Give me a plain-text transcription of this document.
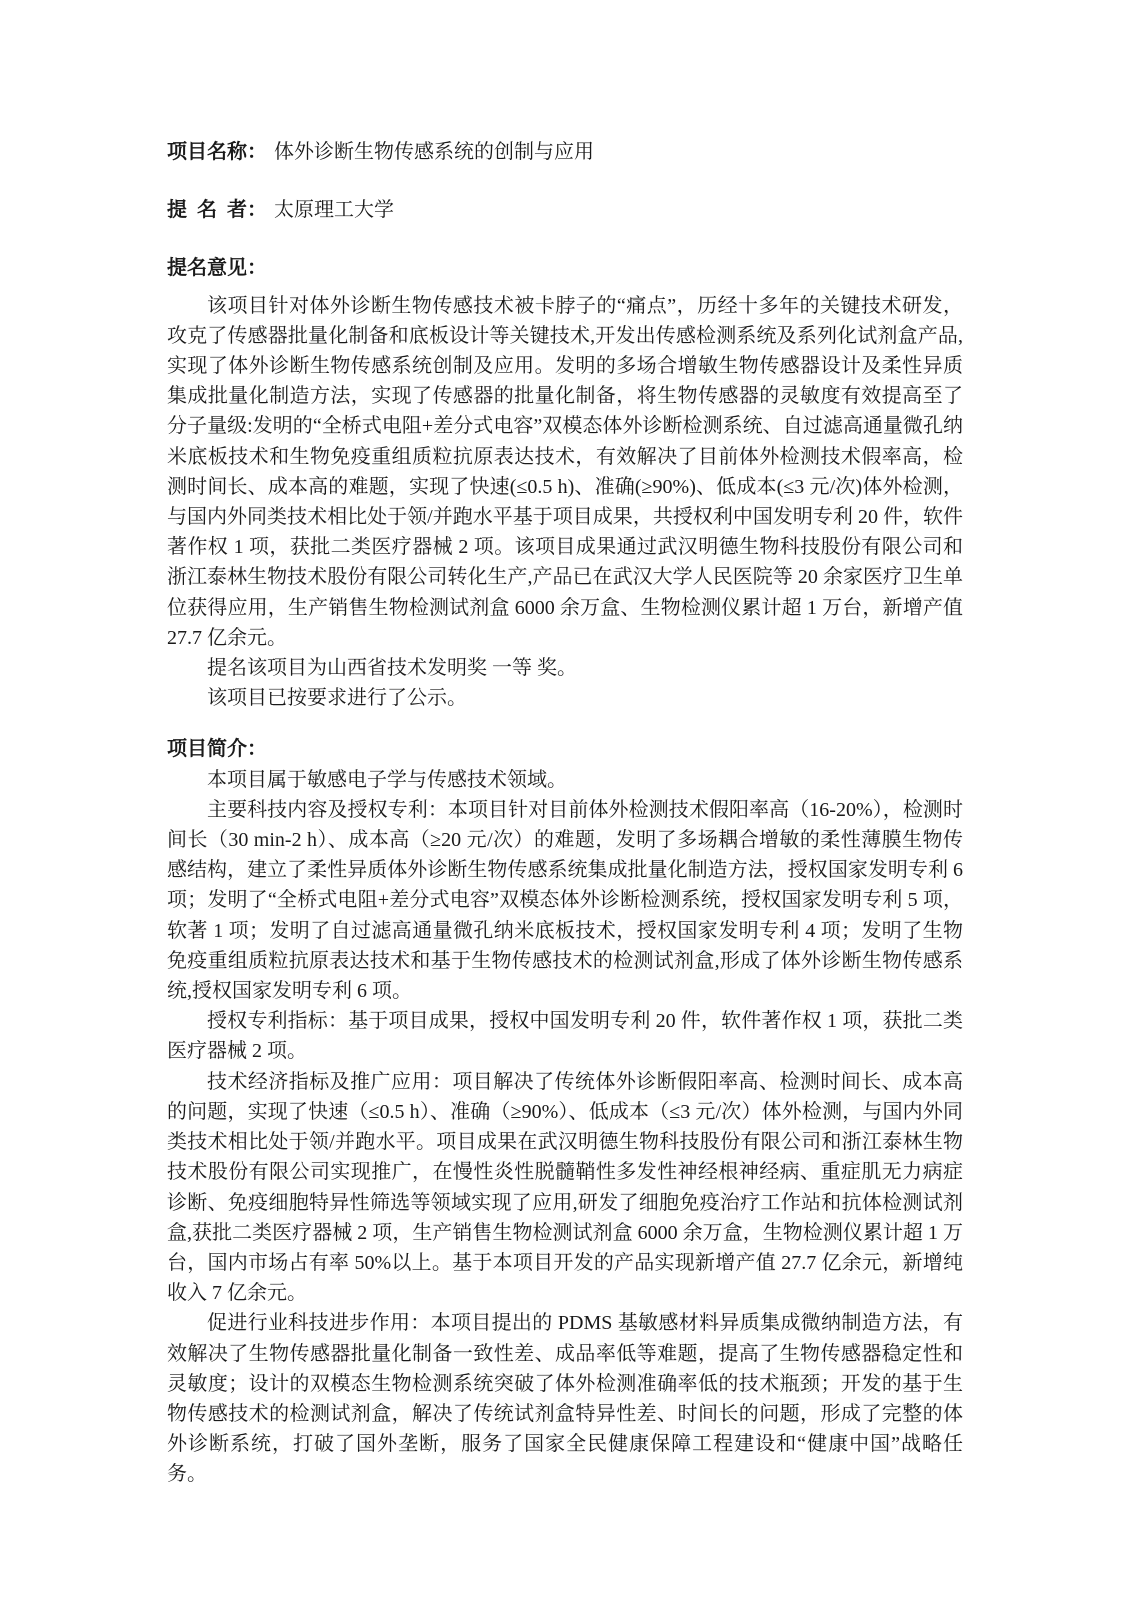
项目名称： 体外诊断生物传感系统的创制与应用

提 名 者： 太原理工大学

提名意见：

该项目针对体外诊断生物传感技术被卡脖子的“痛点”，历经十多年的关键技术研发，攻克了传感器批量化制备和底板设计等关键技术,开发出传感检测系统及系列化试剂盒产品,实现了体外诊断生物传感系统创制及应用。发明的多场合增敏生物传感器设计及柔性异质集成批量化制造方法，实现了传感器的批量化制备，将生物传感器的灵敏度有效提高至了分子量级:发明的“全桥式电阻+差分式电容”双模态体外诊断检测系统、自过滤高通量微孔纳米底板技术和生物免疫重组质粒抗原表达技术，有效解决了目前体外检测技术假率高，检测时间长、成本高的难题，实现了快速(≤0.5 h)、准确(≥90%)、低成本(≤3 元/次)体外检测，与国内外同类技术相比处于领/并跑水平基于项目成果，共授权利中国发明专利 20 件，软件著作权 1 项，获批二类医疗器械 2 项。该项目成果通过武汉明德生物科技股份有限公司和浙江泰林生物技术股份有限公司转化生产,产品已在武汉大学人民医院等 20 余家医疗卫生单位获得应用，生产销售生物检测试剂盒 6000 余万盒、生物检测仪累计超 1 万台，新增产值 27.7 亿余元。

提名该项目为山西省技术发明奖 一等 奖。

该项目已按要求进行了公示。

项目简介：

本项目属于敏感电子学与传感技术领域。

主要科技内容及授权专利：本项目针对目前体外检测技术假阳率高（16-20%），检测时间长（30 min-2 h）、成本高（≥20 元/次）的难题，发明了多场耦合增敏的柔性薄膜生物传感结构，建立了柔性异质体外诊断生物传感系统集成批量化制造方法，授权国家发明专利 6 项；发明了“全桥式电阻+差分式电容”双模态体外诊断检测系统，授权国家发明专利 5 项，软著 1 项；发明了自过滤高通量微孔纳米底板技术，授权国家发明专利 4 项；发明了生物免疫重组质粒抗原表达技术和基于生物传感技术的检测试剂盒,形成了体外诊断生物传感系统,授权国家发明专利 6 项。

授权专利指标：基于项目成果，授权中国发明专利 20 件，软件著作权 1 项，获批二类医疗器械 2 项。

技术经济指标及推广应用：项目解决了传统体外诊断假阳率高、检测时间长、成本高的问题，实现了快速（≤0.5 h）、准确（≥90%）、低成本（≤3 元/次）体外检测，与国内外同类技术相比处于领/并跑水平。项目成果在武汉明德生物科技股份有限公司和浙江泰林生物技术股份有限公司实现推广，在慢性炎性脱髓鞘性多发性神经根神经病、重症肌无力病症诊断、免疫细胞特异性筛选等领域实现了应用,研发了细胞免疫治疗工作站和抗体检测试剂盒,获批二类医疗器械 2 项，生产销售生物检测试剂盒 6000 余万盒，生物检测仪累计超 1 万台，国内市场占有率 50%以上。基于本项目开发的产品实现新增产值 27.7 亿余元，新增纯收入 7 亿余元。

促进行业科技进步作用：本项目提出的 PDMS 基敏感材料异质集成微纳制造方法，有效解决了生物传感器批量化制备一致性差、成品率低等难题，提高了生物传感器稳定性和灵敏度；设计的双模态生物检测系统突破了体外检测准确率低的技术瓶颈；开发的基于生物传感技术的检测试剂盒，解决了传统试剂盒特异性差、时间长的问题，形成了完整的体外诊断系统，打破了国外垄断，服务了国家全民健康保障工程建设和“健康中国”战略任务。
